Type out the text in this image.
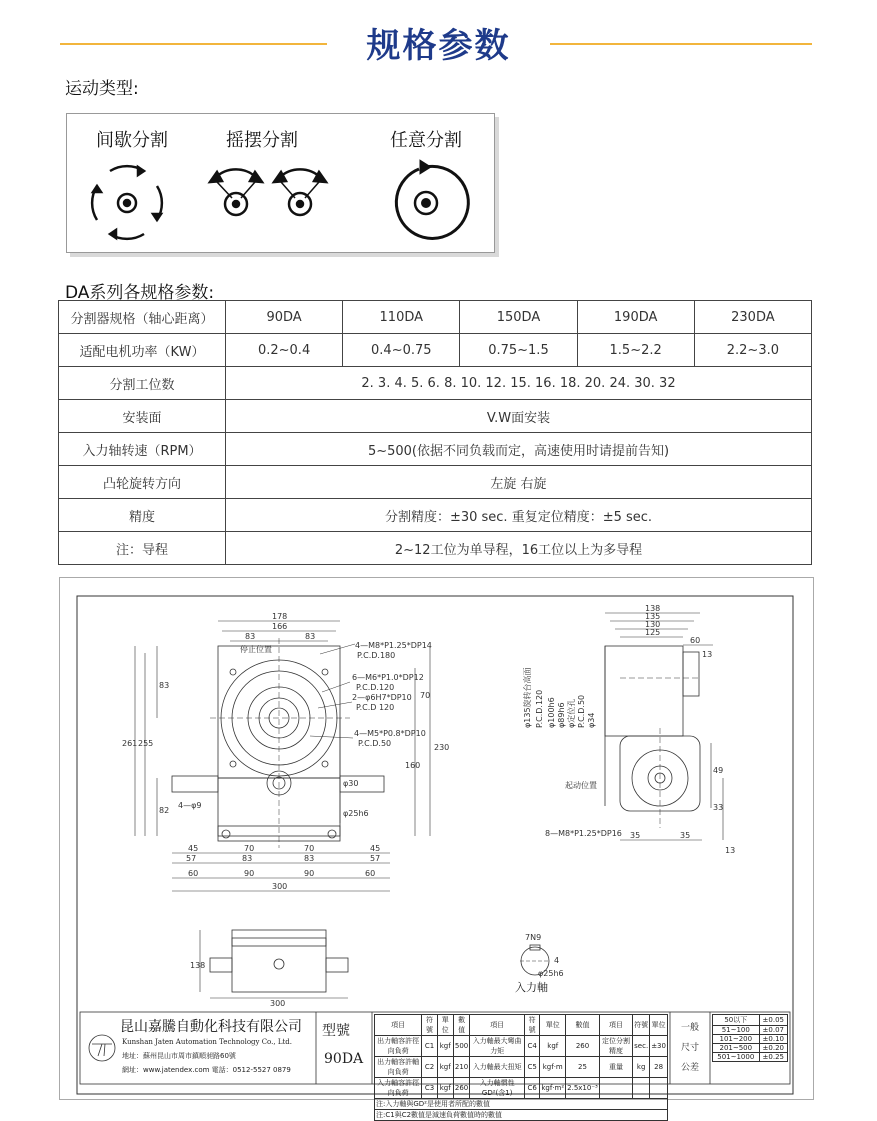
规格参数
运动类型:
间歇分割	摇摆分割	任意分割
DA系列各规格参数:
分割器规格（轴心距离）	90DA	110DA	150DA	190DA	230DA
适配电机功率（KW）	0.2~0.4	0.4~0.75	0.75~1.5	1.5~2.2	2.2~3.0
分割工位数	2. 3. 4. 5. 6. 8. 10. 12. 15. 16. 18. 20. 24. 30. 32				
安装面	V.W面安装				
入力轴转速（RPM）	5~500(依据不同负载而定，高速使用时请提前告知)				
凸轮旋转方向	左旋 右旋				
精度	分割精度：±30 sec. 重复定位精度：±5 sec.				
注：导程	2~12工位为单导程，16工位以上为多导程				
178
166
83	83
停止位置	4—M8*P1.25*DP14
P.C.D.180
6—M6*P1.0*DP12
P.C.D.120
2—φ6H7*DP10
P.C.D 120
4—M5*P0.8*DP10
P.C.D.50
261 255
83
82
70
230
160
4—φ9
φ30
φ25h6
45	45
57	57
70	70
83	83
60	90	90	60
300
138
135
130
125
60
13
φ135旋转台高面 P.C.D.120 φ100h6 φ89h6 φ定位孔 P.C.D.50 φ34
起动位置
49
33
13
35	35
8—M8*P1.25*DP16
138
300
7N9
4
φ25h6
入力軸
昆山嘉騰自動化科技有限公司
Kunshan Jaten Automation Technology Co., Ltd.
地址：蘇州昆山市周市鎮順昶路60號
網址：www.jatendex.com 電話：0512-5527 0879
型號
90DA
項目	符號	單位	數值	項目	符號	單位	數值	項目	符號	單位
出力軸容許徑向負荷	C1	kgf	500	入力軸最大彎曲力矩	C4	kgf	260	定位分割精度	sec.	±30
出力軸容許軸向負荷	C2	kgf	210	入力軸最大扭矩	C5	kgf·m	25	重量	kg	28
入力軸容許徑向負荷	C3	kgf	260	入力軸慣性GD²(含1)	C6	kgf·m²	2.5x10⁻³			
注:入力軸與GD²是使用者所配的數值										
注:C1與C2數值是減速負荷數值時的數值										
一般
尺寸
公差
50以下	±0.05
51~100	±0.07
101~200	±0.10
201~500	±0.20
501~1000	±0.25
